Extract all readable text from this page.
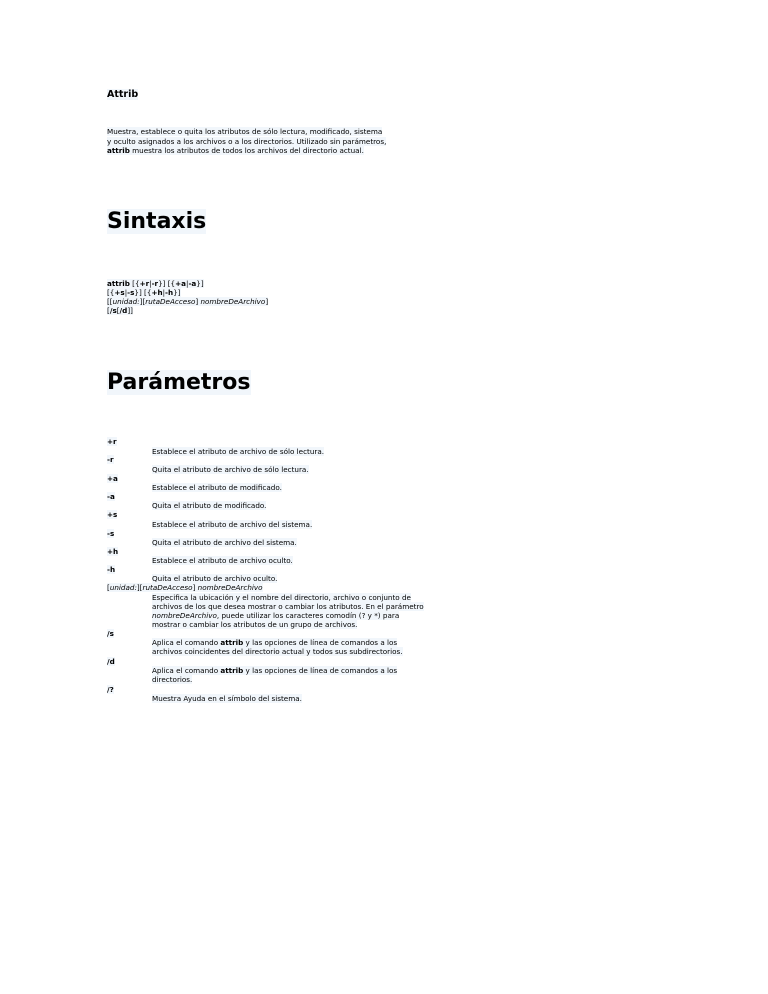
Attrib
Muestra, establece o quita los atributos de sólo lectura, modificado, sistema
y oculto asignados a los archivos o a los directorios. Utilizado sin parámetros,
attrib muestra los atributos de todos los archivos del directorio actual.
Sintaxis
attrib [{+r|-r}] [{+a|-a}]
[{+s|-s}] [{+h|-h}]
[[unidad:][rutaDeAcceso] nombreDeArchivo]
[/s[/d]]
Parámetros
+r
Establece el atributo de archivo de sólo lectura.
-r
Quita el atributo de archivo de sólo lectura.
+a
Establece el atributo de modificado.
-a
Quita el atributo de modificado.
+s
Establece el atributo de archivo del sistema.
-s
Quita el atributo de archivo del sistema.
+h
Establece el atributo de archivo oculto.
-h
Quita el atributo de archivo oculto.
[unidad:][rutaDeAcceso] nombreDeArchivo
Especifica la ubicación y el nombre del directorio, archivo o conjunto de
archivos de los que desea mostrar o cambiar los atributos. En el parámetro
nombreDeArchivo, puede utilizar los caracteres comodín (? y *) para
mostrar o cambiar los atributos de un grupo de archivos.
/s
Aplica el comando attrib y las opciones de línea de comandos a los
archivos coincidentes del directorio actual y todos sus subdirectorios.
/d
Aplica el comando attrib y las opciones de línea de comandos a los
directorios.
/?
Muestra Ayuda en el símbolo del sistema.
